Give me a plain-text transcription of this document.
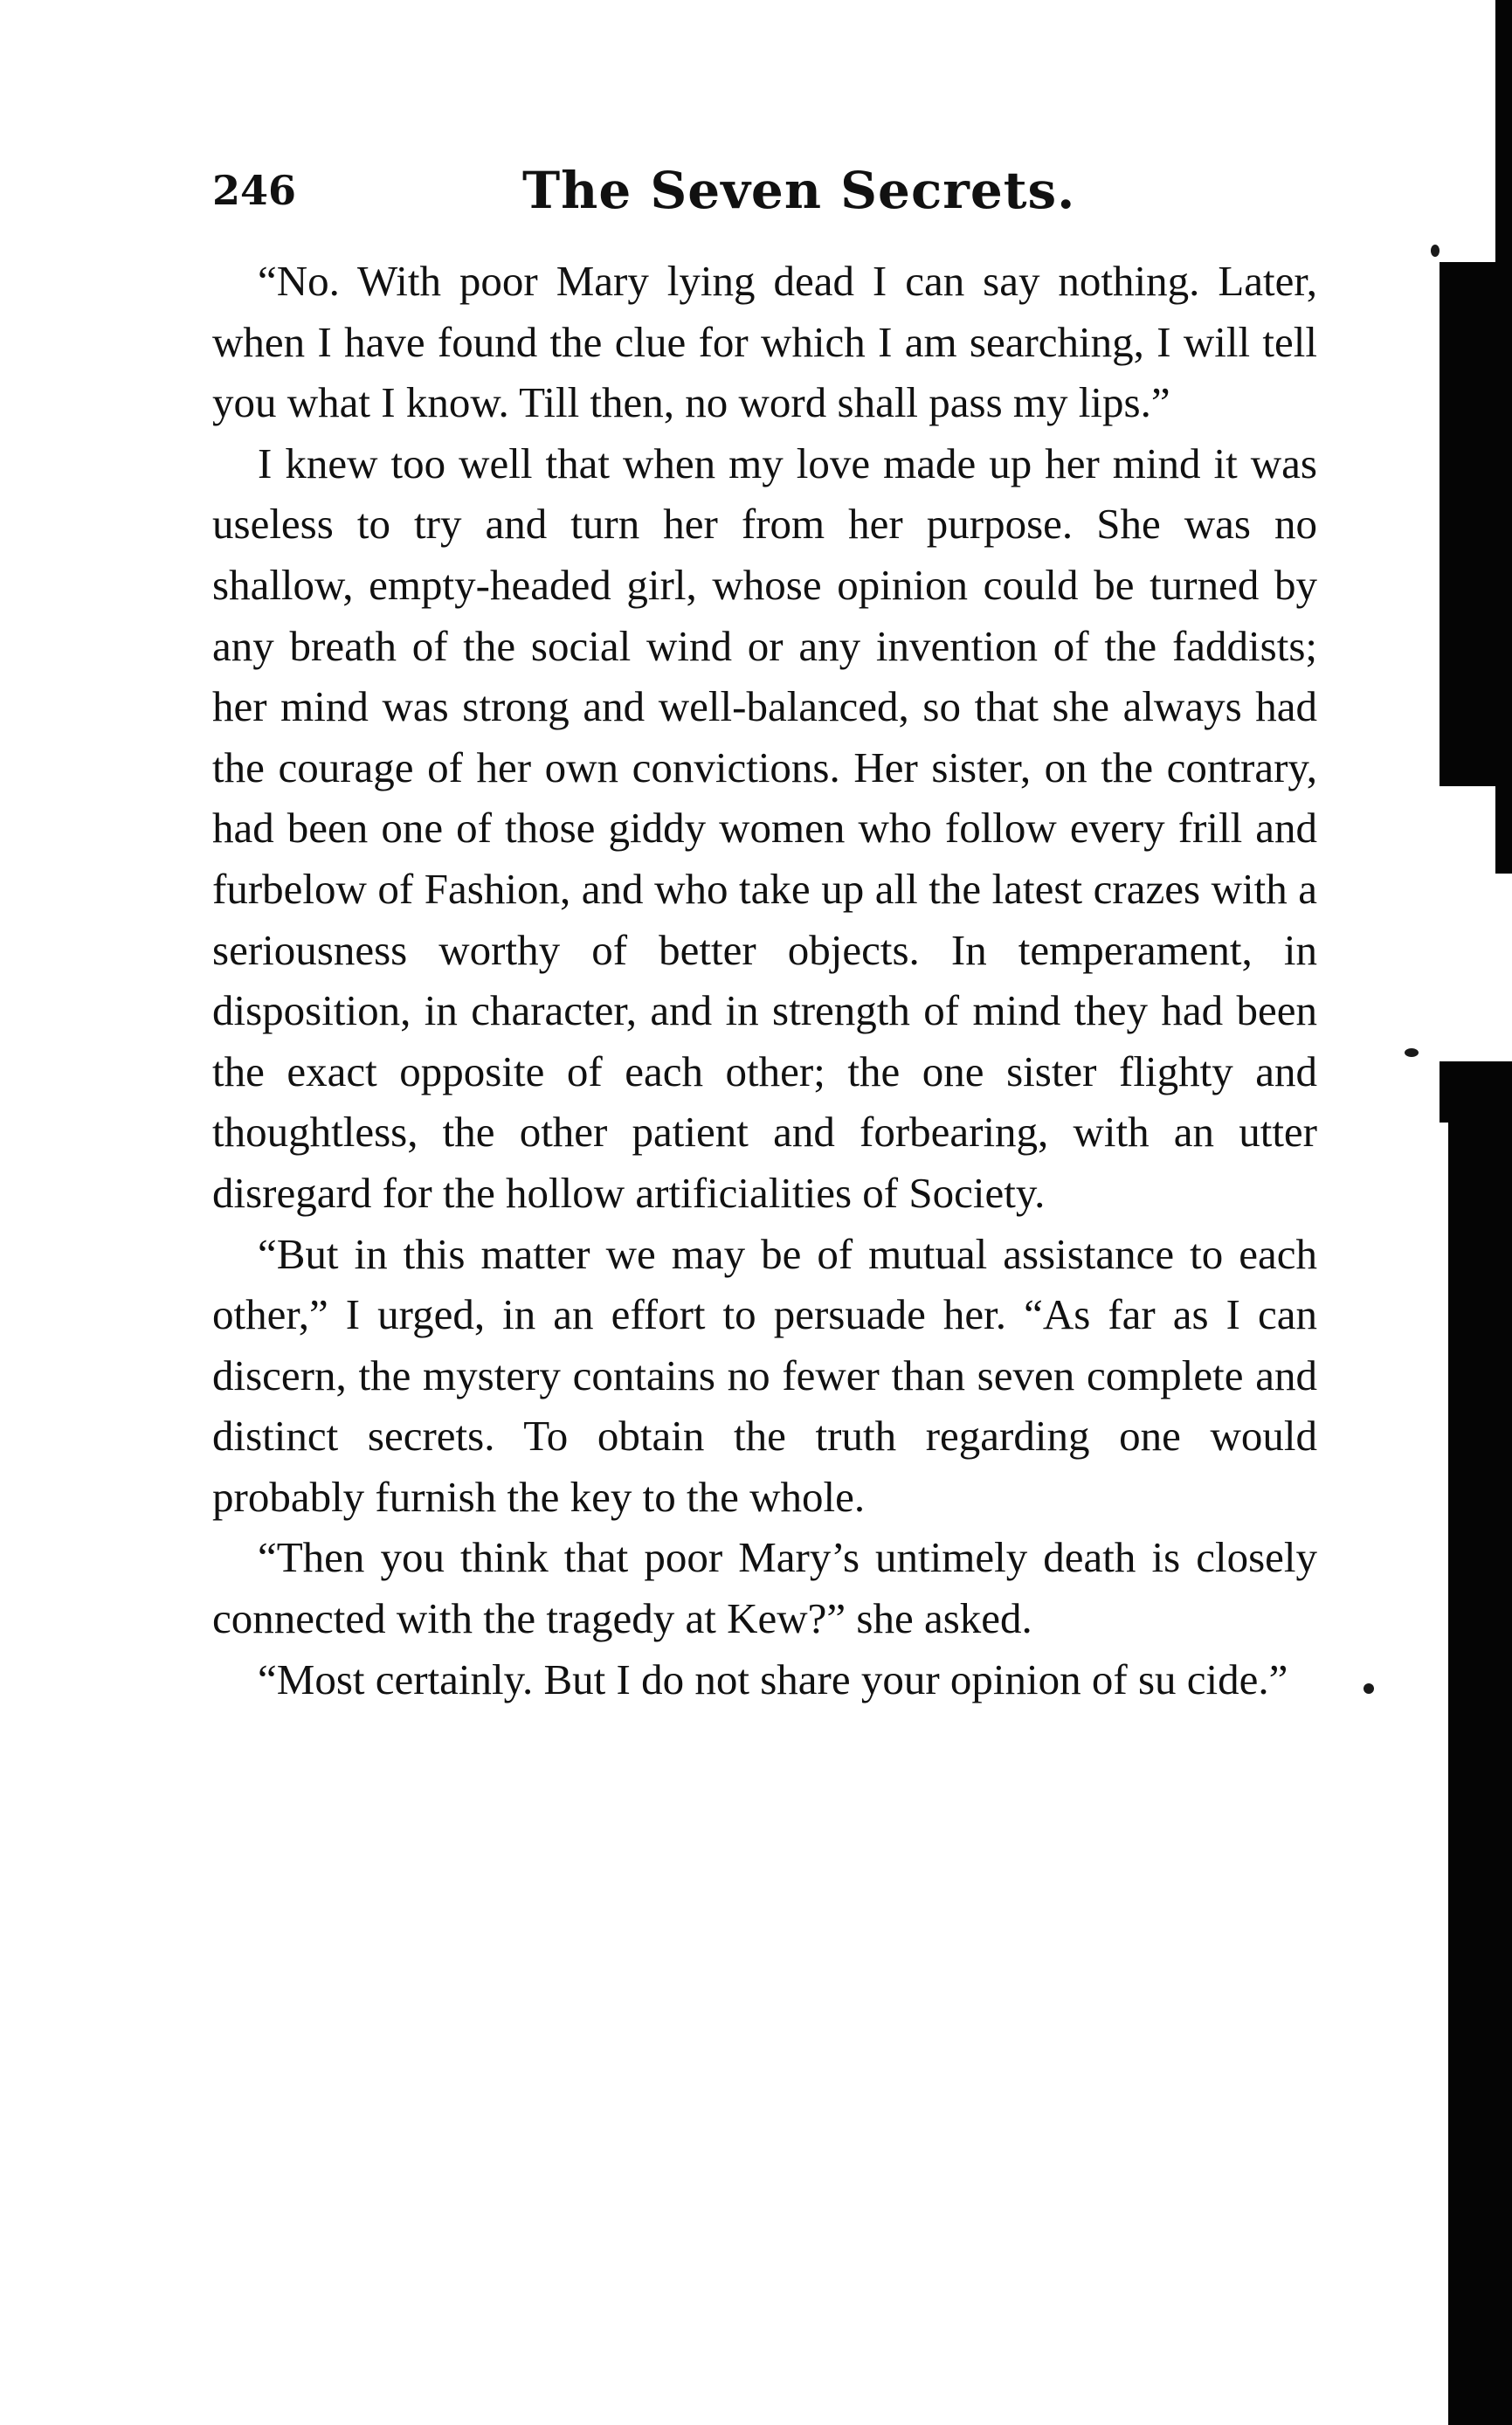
246	The Seven Secrets.

“No. With poor Mary lying dead I can say nothing. Later, when I have found the clue for which I am searching, I will tell you what I know. Till then, no word shall pass my lips.”

I knew too well that when my love made up her mind it was useless to try and turn her from her purpose. She was no shallow, empty-headed girl, whose opinion could be turned by any breath of the social wind or any invention of the faddists; her mind was strong and well-balanced, so that she always had the courage of her own convictions. Her sister, on the contrary, had been one of those giddy women who follow every frill and furbelow of Fashion, and who take up all the latest crazes with a seriousness worthy of better objects. In temperament, in disposition, in character, and in strength of mind they had been the exact opposite of each other; the one sister flighty and thoughtless, the other patient and forbearing, with an utter disregard for the hollow artificialities of Society.

“But in this matter we may be of mutual assistance to each other,” I urged, in an effort to persuade her. “As far as I can discern, the mystery contains no fewer than seven complete and distinct secrets. To obtain the truth regarding one would probably furnish the key to the whole.

“Then you think that poor Mary’s untimely death is closely connected with the tragedy at Kew?” she asked.

“Most certainly. But I do not share your opinion of su cide.”
